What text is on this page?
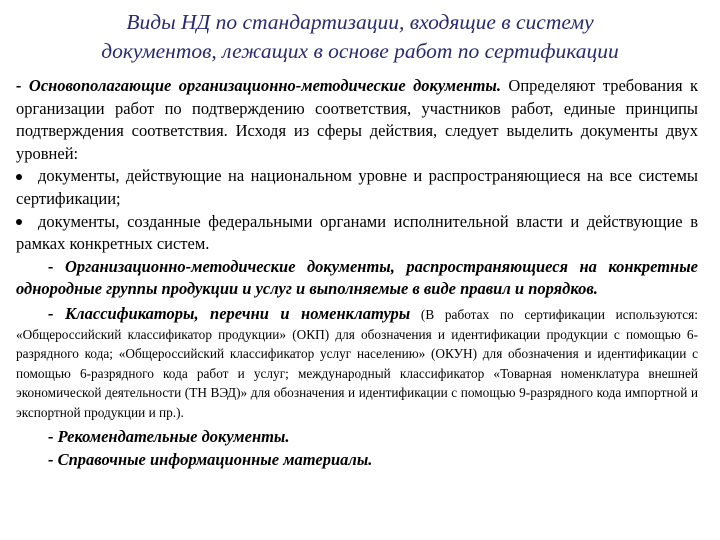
Виды НД по стандартизации, входящие в систему
документов, лежащих в основе работ по сертификации

- Основополагающие организационно-методические документы. Определяют требования к организации работ по подтверждению соответствия, участников работ, единые принципы подтверждения соответствия. Исходя из сферы действия, следует выделить документы двух уровней:

документы, действующие на национальном уровне и распространяющиеся на все системы сертификации;

документы, созданные федеральными органами исполнительной власти и действующие в рамках конкретных систем.

- Организационно-методические документы, распространяющиеся на конкретные однородные группы продукции и услуг и выполняемые в виде правил и порядков.

- Классификаторы, перечни и номенклатуры (В работах по сертификации используются: «Общероссийский классификатор продукции» (ОКП) для обозначения и идентификации продукции с помощью 6-разрядного кода; «Общероссийский классификатор услуг населению» (ОКУН) для обозначения и идентификации с помощью 6-разрядного кода работ и услуг; международный классификатор «Товарная номенклатура внешней экономической деятельности (ТН ВЭД)» для обозначения и идентификации с помощью 9-разрядного кода импортной и экспортной продукции и пр.).

- Рекомендательные документы.

- Справочные информационные материалы.
